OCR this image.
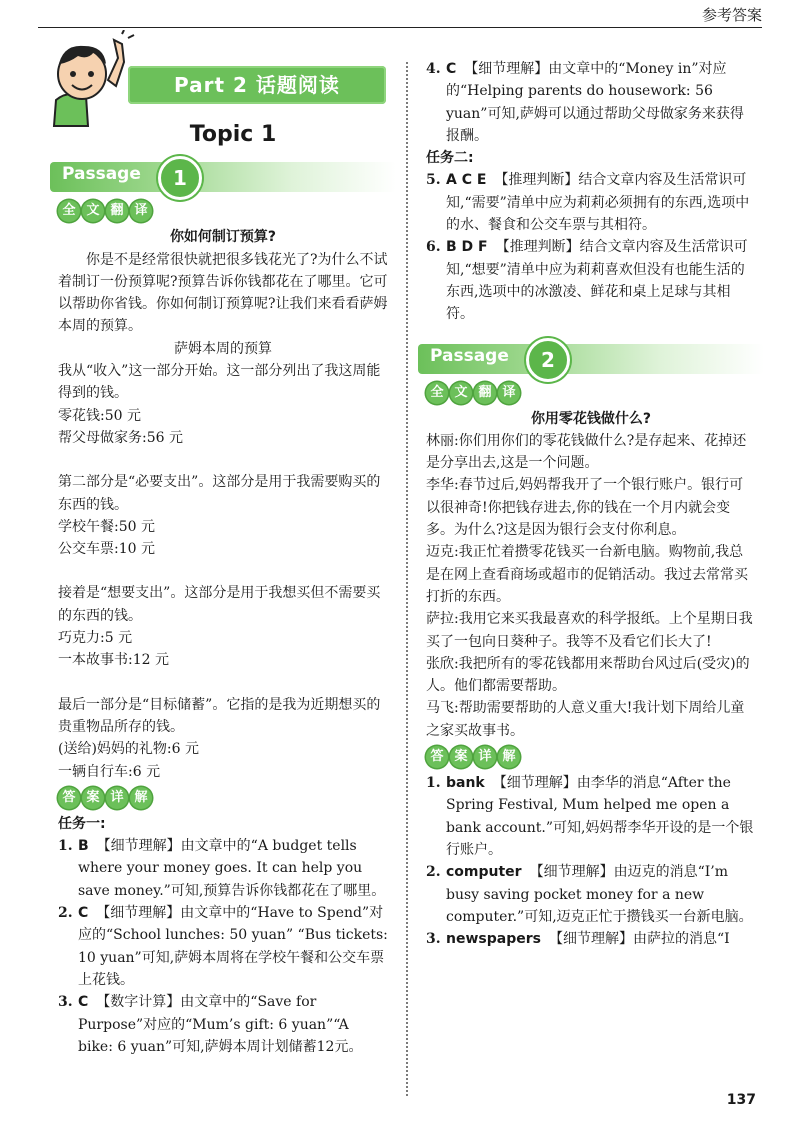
参考答案
137
Part 2 话题阅读
Topic 1
Passage	1
全 文 翻 译

你如何制订预算?

你是不是经常很快就把很多钱花光了?为什么不试着制订一份预算呢?预算告诉你钱都花在了哪里。它可以帮助你省钱。你如何制订预算呢?让我们来看看萨姆本周的预算。

萨姆本周的预算

我从“收入”这一部分开始。这一部分列出了我这周能得到的钱。

零花钱:50 元

帮父母做家务:56 元

第二部分是“必要支出”。这部分是用于我需要购买的东西的钱。

学校午餐:50 元

公交车票:10 元

接着是“想要支出”。这部分是用于我想买但不需要买的东西的钱。

巧克力:5 元

一本故事书:12 元

最后一部分是“目标储蓄”。它指的是我为近期想买的贵重物品所存的钱。

(送给)妈妈的礼物:6 元

一辆自行车:6 元

答 案 详 解

任务一:

1. B 【细节理解】由文章中的“A budget tells where your money goes. It can help you save money.”可知,预算告诉你钱都花在了哪里。
2. C 【细节理解】由文章中的“Have to Spend”对应的“School lunches: 50 yuan” “Bus tickets: 10 yuan”可知,萨姆本周将在学校午餐和公交车票上花钱。
3. C 【数字计算】由文章中的“Save for Purpose”对应的“Mum’s gift: 6 yuan”“A bike: 6 yuan”可知,萨姆本周计划储蓄12元。
4. C 【细节理解】由文章中的“Money in”对应的“Helping parents do housework: 56 yuan”可知,萨姆可以通过帮助父母做家务来获得报酬。

任务二:

5. A C E 【推理判断】结合文章内容及生活常识可知,“需要”清单中应为莉莉必须拥有的东西,选项中的水、餐食和公交车票与其相符。
6. B D F 【推理判断】结合文章内容及生活常识可知,“想要”清单中应为莉莉喜欢但没有也能生活的东西,选项中的冰激凌、鲜花和桌上足球与其相符。
Passage	2
全 文 翻 译

你用零花钱做什么?

林丽:你们用你们的零花钱做什么?是存起来、花掉还是分享出去,这是一个问题。

李华:春节过后,妈妈帮我开了一个银行账户。银行可以很神奇!你把钱存进去,你的钱在一个月内就会变多。为什么?这是因为银行会支付你利息。

迈克:我正忙着攒零花钱买一台新电脑。购物前,我总是在网上查看商场或超市的促销活动。我过去常常买打折的东西。

萨拉:我用它来买我最喜欢的科学报纸。上个星期日我买了一包向日葵种子。我等不及看它们长大了!

张欣:我把所有的零花钱都用来帮助台风过后(受灾)的人。他们都需要帮助。

马飞:帮助需要帮助的人意义重大!我计划下周给儿童之家买故事书。

答 案 详 解
1. bank 【细节理解】由李华的消息“After the Spring Festival, Mum helped me open a bank account.”可知,妈妈帮李华开设的是一个银行账户。
2. computer 【细节理解】由迈克的消息“I’m busy saving pocket money for a new computer.”可知,迈克正忙于攒钱买一台新电脑。
3. newspapers 【细节理解】由萨拉的消息“I
